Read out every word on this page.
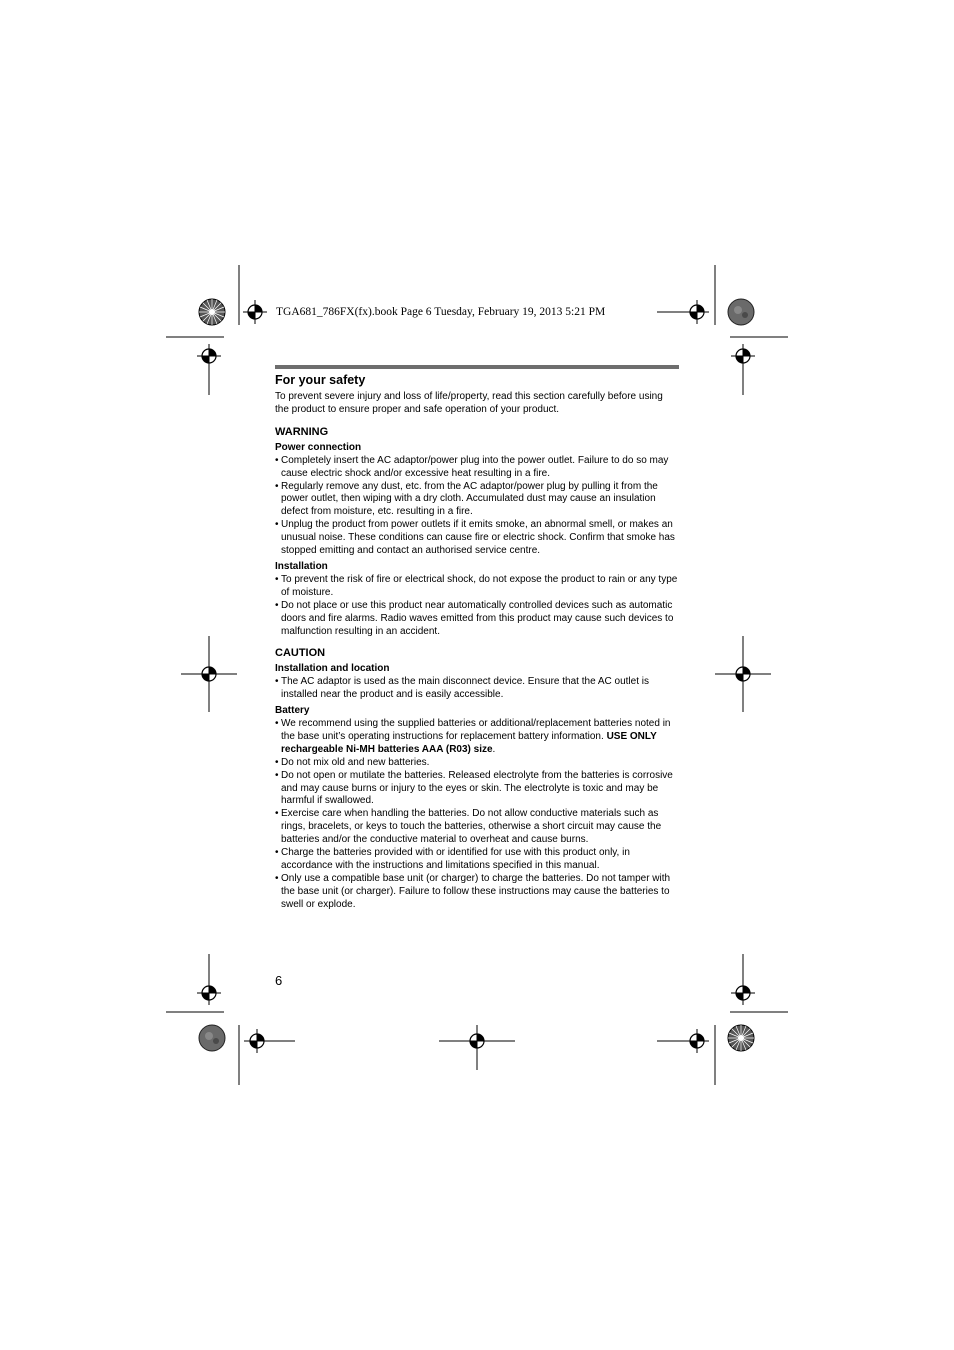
TGA681_786FX(fx).book Page 6 Tuesday, February 19, 2013 5:21 PM
For your safety

To prevent severe injury and loss of life/property, read this section carefully before using the product to ensure proper and safe operation of your product.

WARNING
Power connection
• Completely insert the AC adaptor/power plug into the power outlet. Failure to do so may cause electric shock and/or excessive heat resulting in a fire.
• Regularly remove any dust, etc. from the AC adaptor/power plug by pulling it from the power outlet, then wiping with a dry cloth. Accumulated dust may cause an insulation defect from moisture, etc. resulting in a fire.
• Unplug the product from power outlets if it emits smoke, an abnormal smell, or makes an unusual noise. These conditions can cause fire or electric shock. Confirm that smoke has stopped emitting and contact an authorised service centre.
Installation
• To prevent the risk of fire or electrical shock, do not expose the product to rain or any type of moisture.
• Do not place or use this product near automatically controlled devices such as automatic doors and fire alarms. Radio waves emitted from this product may cause such devices to malfunction resulting in an accident.
CAUTION
Installation and location
• The AC adaptor is used as the main disconnect device. Ensure that the AC outlet is installed near the product and is easily accessible.
Battery
• We recommend using the supplied batteries or additional/replacement batteries noted in the base unit’s operating instructions for replacement battery information. USE ONLY rechargeable Ni-MH batteries AAA (R03) size.
• Do not mix old and new batteries.
• Do not open or mutilate the batteries. Released electrolyte from the batteries is corrosive and may cause burns or injury to the eyes or skin. The electrolyte is toxic and may be harmful if swallowed.
• Exercise care when handling the batteries. Do not allow conductive materials such as rings, bracelets, or keys to touch the batteries, otherwise a short circuit may cause the batteries and/or the conductive material to overheat and cause burns.
• Charge the batteries provided with or identified for use with this product only, in accordance with the instructions and limitations specified in this manual.
• Only use a compatible base unit (or charger) to charge the batteries. Do not tamper with the base unit (or charger). Failure to follow these instructions may cause the batteries to swell or explode.
6
